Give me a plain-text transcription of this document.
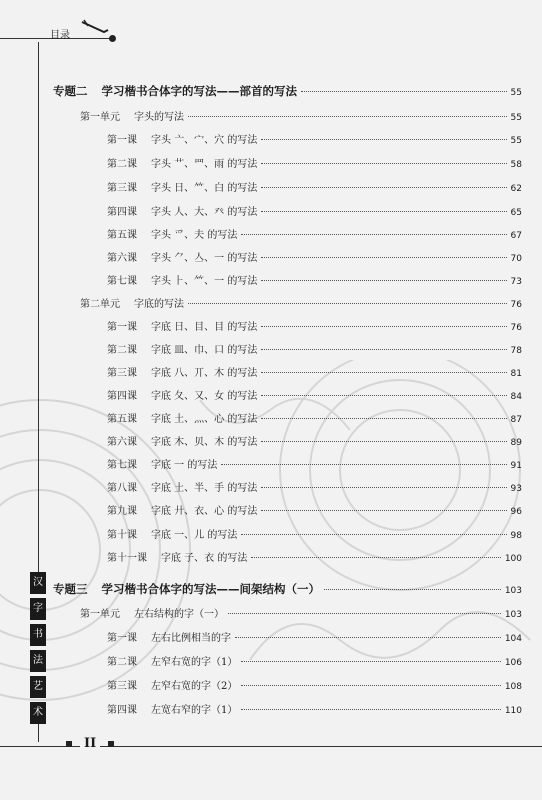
目录
汉
字
书
法
艺
术
专题二 学习楷书合体字的写法——部首的写法	55
第一单元 字头的写法	55
第一课 字头 亠、宀、穴 的写法	55
第二课 字头 艹、罒、雨 的写法	58
第三课 字头 日、⺮、白 的写法	62
第四课 字头 人、大、癶 的写法	65
第五课 字头 爫、夫 的写法	67
第六课 字头 ⺈、亼、一 的写法	70
第七课 字头 ⺊、⺮、一 的写法	73
第二单元 字底的写法	76
第一课 字底 日、目、目 的写法	76
第二课 字底 皿、巾、口 的写法	78
第三课 字底 八、丌、木 的写法	81
第四课 字底 夂、又、女 的写法	84
第五课 字底 土、灬、心 的写法	87
第六课 字底 木、贝、木 的写法	89
第七课 字底 一 的写法	91
第八课 字底 土、半、手 的写法	93
第九课 字底 廾、衣、心 的写法	96
第十课 字底 一、儿 的写法	98
第十一课 字底 子、衣 的写法	100
专题三 学习楷书合体字的写法——间架结构（一）	103
第一单元 左右结构的字（一）	103
第一课 左右比例相当的字	104
第二课 左窄右宽的字（1）	106
第三课 左窄右宽的字（2）	108
第四课 左宽右窄的字（1）	110
II
